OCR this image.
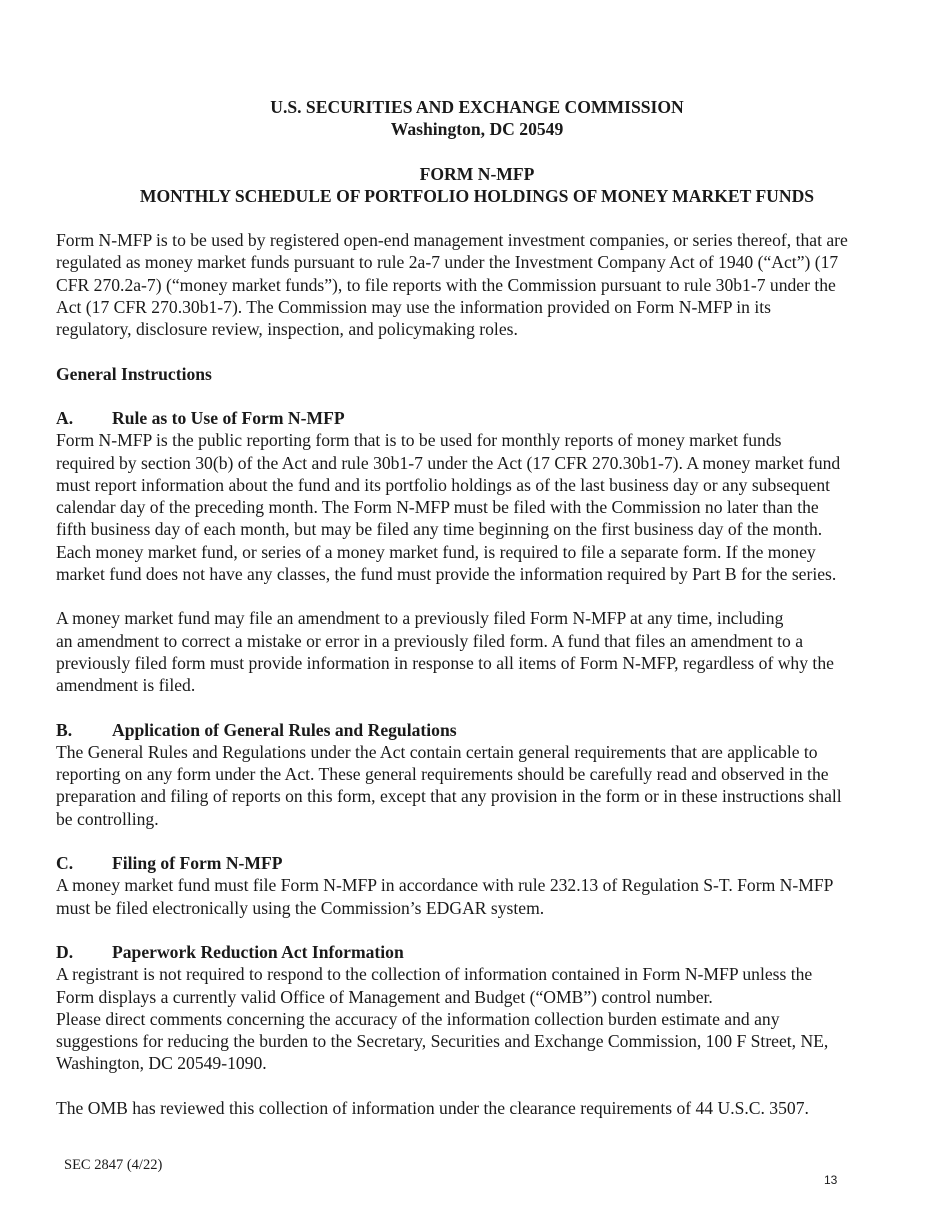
U.S. SECURITIES AND EXCHANGE COMMISSION

Washington, DC 20549

FORM N-MFP

MONTHLY SCHEDULE OF PORTFOLIO HOLDINGS OF MONEY MARKET FUNDS

Form N-MFP is to be used by registered open-end management investment companies, or series thereof, that are
regulated as money market funds pursuant to rule 2a-7 under the Investment Company Act of 1940 (“Act”) (17
CFR 270.2a-7) (“money market funds”), to file reports with the Commission pursuant to rule 30b1-7 under the
Act (17 CFR 270.30b1-7). The Commission may use the information provided on Form N-MFP in its
regulatory, disclosure review, inspection, and policymaking roles.

General Instructions

A.	Rule as to Use of Form N-MFP

Form N-MFP is the public reporting form that is to be used for monthly reports of money market funds
required by section 30(b) of the Act and rule 30b1-7 under the Act (17 CFR 270.30b1-7). A money market fund
must report information about the fund and its portfolio holdings as of the last business day or any subsequent
calendar day of the preceding month. The Form N-MFP must be filed with the Commission no later than the
fifth business day of each month, but may be filed any time beginning on the first business day of the month.
Each money market fund, or series of a money market fund, is required to file a separate form. If the money
market fund does not have any classes, the fund must provide the information required by Part B for the series.

A money market fund may file an amendment to a previously filed Form N-MFP at any time, including
an amendment to correct a mistake or error in a previously filed form. A fund that files an amendment to a
previously filed form must provide information in response to all items of Form N-MFP, regardless of why the
amendment is filed.

B.	Application of General Rules and Regulations

The General Rules and Regulations under the Act contain certain general requirements that are applicable to
reporting on any form under the Act. These general requirements should be carefully read and observed in the
preparation and filing of reports on this form, except that any provision in the form or in these instructions shall
be controlling.

C.	Filing of Form N-MFP

A money market fund must file Form N-MFP in accordance with rule 232.13 of Regulation S-T. Form N-MFP
must be filed electronically using the Commission’s EDGAR system.

D.	Paperwork Reduction Act Information

A registrant is not required to respond to the collection of information contained in Form N-MFP unless the
Form displays a currently valid Office of Management and Budget (“OMB”) control number.
Please direct comments concerning the accuracy of the information collection burden estimate and any
suggestions for reducing the burden to the Secretary, Securities and Exchange Commission, 100 F Street, NE,
Washington, DC 20549-1090.

The OMB has reviewed this collection of information under the clearance requirements of 44 U.S.C. 3507.

SEC 2847 (4/22)
13
